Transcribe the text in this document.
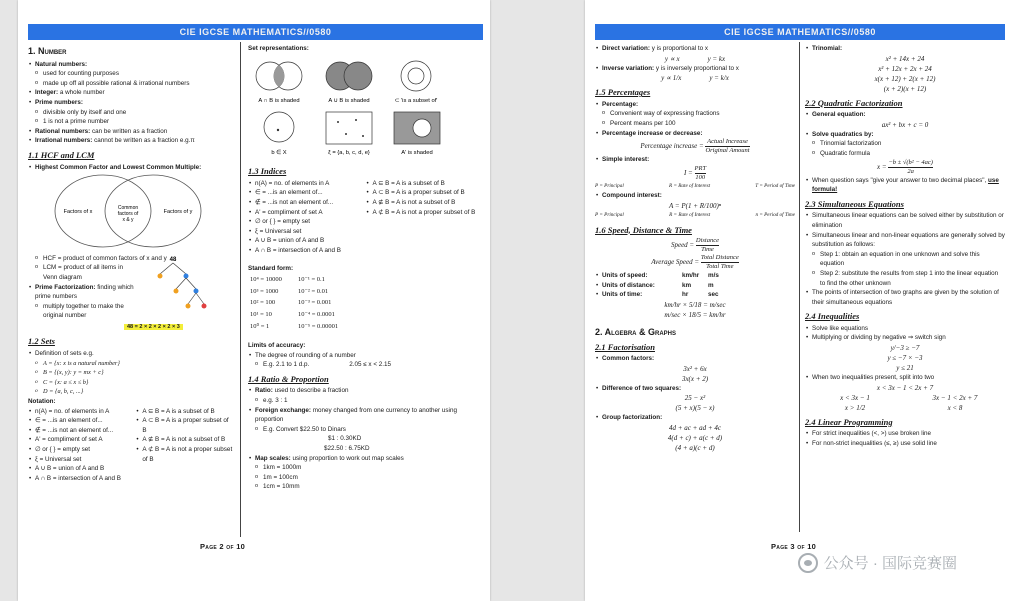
CIE IGCSE MATHEMATICS//0580
1. Number
• Natural numbers:
o used for counting purposes
o made up off all possible rational & irrational numbers
• Integer: a whole number
• Prime numbers:
o divisible only by itself and one
o 1 is not a prime number
• Rational numbers: can be written as a fraction
• Irrational numbers: cannot be written as a fraction e.g.π
1.1 HCF and LCM
• Highest Common Factor and Lowest Common Multiple:
Factors of x
Common
factors of
x & y
Factors of y
o HCF = product of common factors of x and y
o LCM = product of all items in Venn diagram
• Prime Factorization: finding which prime numbers
o multiply together to make the original number
48
48 = 2 × 2 × 2 × 2 × 3
1.2 Sets
• Definition of sets e.g.
o A = {x: x is a natural number}
o B = {(x, y): y = mx + c}
o C = {x: a ≤ x ≤ b}
o D = {a, b, c, ...}
Notation:
• n(A) = no. of elements in A
• ∈ = ...is an element of...
• ∉ = ...is not an element of...
• A' = compliment of set A
• ∅ or { } = empty set
• ξ = Universal set
• A ∪ B = union of A and B
• A ∩ B = intersection of A and B
• A ⊆ B = A is a subset of B
• A ⊂ B = A is a proper subset of B
• A ⊈ B = A is not a subset of B
• A ⊄ B = A is not a proper subset of B
Set representations:
A ∩ B is shaded	A ∪ B is shaded	⊂ 'is a subset of'
b ∈ X	ξ = {a, b, c, d, e}	A' is shaded
1.3 Indices
• n(A) = no. of elements in A
• ∈ = ...is an element of...
• ∉ = ...is not an element of...
• A' = compliment of set A
• ∅ or { } = empty set
• ξ = Universal set
• A ∪ B = union of A and B
• A ∩ B = intersection of A and B
• A ⊆ B = A is a subset of B
• A ⊂ B = A is a proper subset of B
• A ⊈ B = A is not a subset of B
• A ⊄ B = A is not a proper subset of B
Standard form:
10⁴ = 10000	10⁻¹ = 0.1
10³ = 1000	10⁻² = 0.01
10² = 100	10⁻³ = 0.001
10¹ = 10	10⁻⁴ = 0.0001
10⁰ = 1	10⁻⁵ = 0.00001
Limits of accuracy:
• The degree of rounding of a number
o E.g. 2.1 to 1 d.p.	2.05 ≤ x < 2.15
1.4 Ratio & Proportion
• Ratio: used to describe a fraction
o e.g. 3 : 1
• Foreign exchange: money changed from one currency to another using proportion
o E.g. Convert $22.50 to Dinars
$1 : 0.30KD
$22.50 : 6.75KD
• Map scales: using proportion to work out map scales
o 1km = 1000m
o 1m = 100cm
o 1cm = 10mm
Page 2 of 10
CIE IGCSE MATHEMATICS//0580
• Direct variation: y is proportional to x
y ∝ x	y = kx
• Inverse variation: y is inversely proportional to x
y ∝ 1/x	y = k/x
1.5 Percentages
• Percentage:
o Convenient way of expressing fractions
o Percent means per 100
• Percentage increase or decrease:
Percentage increase = $\frac{\text{Actual Increase}}{\text{Original Amount}}$
• Simple interest:
$I = \frac{\text{PRT}}{100}$
P = Principal	R = Rate of Interest	T = Period of Time
• Compound interest:
A = P(1 + R/100)ⁿ
P = Principal	R = Rate of Interest	n = Period of Time
1.6 Speed, Distance & Time
Speed = $\frac{\text{Distance}}{\text{Time}}$
Average Speed = $\frac{\text{Total Distance}}{\text{Total Time}}$
• Units of speed:	km/hr m/s
• Units of distance:	km	m
• Units of time:	hr	sec
km/hr × 5/18 = m/sec
m/sec × 18/5 = km/hr
2. Algebra & Graphs
2.1 Factorisation
• Common factors:
3x² + 6x
3x(x + 2)
• Difference of two squares:
25 − x²
(5 + x)(5 − x)
• Group factorization:
4d + ac + ad + 4c
4(d + c) + a(c + d)
(4 + a)(c + d)
• Trinomial:
x² + 14x + 24
x² + 12x + 2x + 24
x(x + 12) + 2(x + 12)
(x + 2)(x + 12)
2.2 Quadratic Factorization
• General equation:
ax² + bx + c = 0
• Solve quadratics by:
o Trinomial factorization
o Quadratic formula
$x = \frac{\text{−b ± √(b² − 4ac)}}{2a}$
• When question says "give your answer to two decimal places", use formula!
2.3 Simultaneous Equations
• Simultaneous linear equations can be solved either by substitution or elimination
• Simultaneous linear and non-linear equations are generally solved by substitution as follows:
o Step 1: obtain an equation in one unknown and solve this equation
o Step 2: substitute the results from step 1 into the linear equation to find the other unknown
• The points of intersection of two graphs are given by the solution of their simultaneous equations
2.4 Inequalities
• Solve like equations
• Multiplying or dividing by negative ⇒ switch sign
y/−3 ≥ −7
y ≤ −7 × −3
y ≤ 21
• When two inequalities present, split into two
x < 3x − 1 < 2x + 7
x < 3x − 1
x > 1/2
3x − 1 < 2x + 7
x < 8
2.4 Linear Programming
• For strict inequalities (<, >) use broken line
• For non-strict inequalities (≤, ≥) use solid line
Page 3 of 10
公众号 · 国际竞赛圈
